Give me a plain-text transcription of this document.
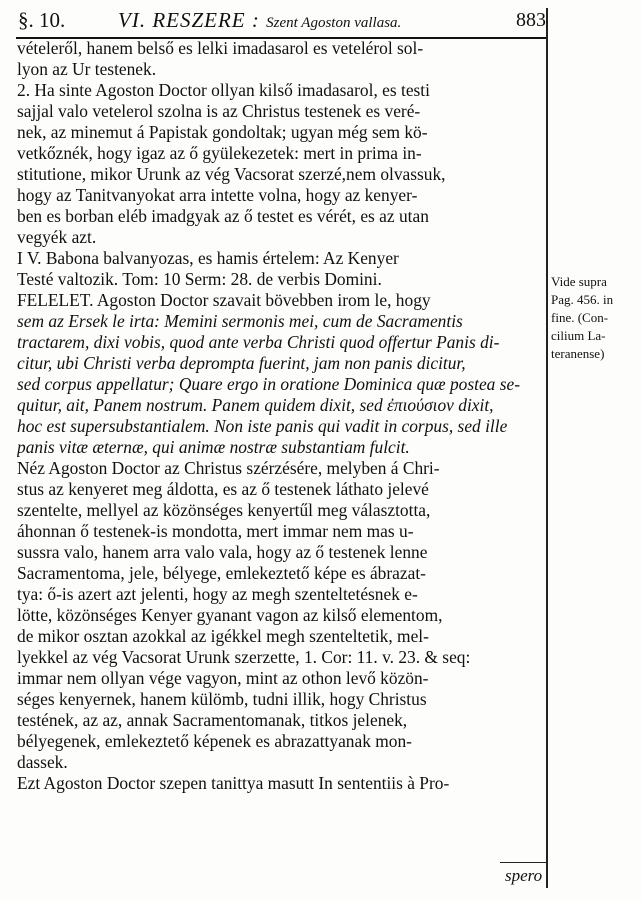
§. 10.	VI. RESZERE : Szent Agoston vallasa.	883

vételeről, hanem belső es lelki imadasarol es vetelérol sol-

lyon az Ur testenek.

2. Ha sinte Agoston Doctor ollyan kilső imadasarol, es testi

sajjal valo vetelerol szolna is az Christus testenek es veré-

nek, az minemut á Papistak gondoltak; ugyan még sem kö-

vetkőznék, hogy igaz az ő gyülekezetek: mert in prima in-

stitutione, mikor Urunk az vég Vacsorat szerzé,nem olvassuk,

hogy az Tanitvanyokat arra intette volna, hogy az kenyer-

ben es borban eléb imadgyak az ő testet es vérét, es az utan

vegyék azt.

I V. Babona balvanyozas, es hamis értelem: Az Kenyer

Testé valtozik. Tom: 10 Serm: 28. de verbis Domini.

FELELET. Agoston Doctor szavait bövebben irom le, hogy

sem az Ersek le irta: Memini sermonis mei, cum de Sacramentis

tractarem, dixi vobis, quod ante verba Christi quod offertur Panis di-

citur, ubi Christi verba deprompta fuerint, jam non panis dicitur,

sed corpus appellatur; Quare ergo in oratione Dominica quæ postea se-

quitur, ait, Panem nostrum. Panem quidem dixit, sed ἐπιούσιον dixit,

hoc est supersubstantialem. Non iste panis qui vadit in corpus, sed ille

panis vitæ æternæ, qui animæ nostræ substantiam fulcit.

Néz Agoston Doctor az Christus szérzésére, melyben á Chri-

stus az kenyeret meg áldotta, es az ő testenek láthato jelevé

szentelte, mellyel az közönséges kenyertűl meg választotta,

áhonnan ő testenek-is mondotta, mert immar nem mas u-

sussra valo, hanem arra valo vala, hogy az ő testenek lenne

Sacramentoma, jele, bélyege, emlekeztető képe es ábrazat-

tya: ő-is azert azt jelenti, hogy az megh szenteltetésnek e-

lötte, közönséges Kenyer gyanant vagon az kilső elementom,

de mikor osztan azokkal az igékkel megh szenteltetik, mel-

lyekkel az vég Vacsorat Urunk szerzette, 1. Cor: 11. v. 23. & seq:

immar nem ollyan vége vagyon, mint az othon levő közön-

séges kenyernek, hanem külömb, tudni illik, hogy Christus

testének, az az, annak Sacramentomanak, titkos jelenek,

bélyegenek, emlekeztető képenek es abrazattyanak mon-

dassek.

Ezt Agoston Doctor szepen tanittya masutt In sententiis à Pro-

Vide supra
Pag. 456. in
fine. (Con-
cilium La-
teranense)
spero
